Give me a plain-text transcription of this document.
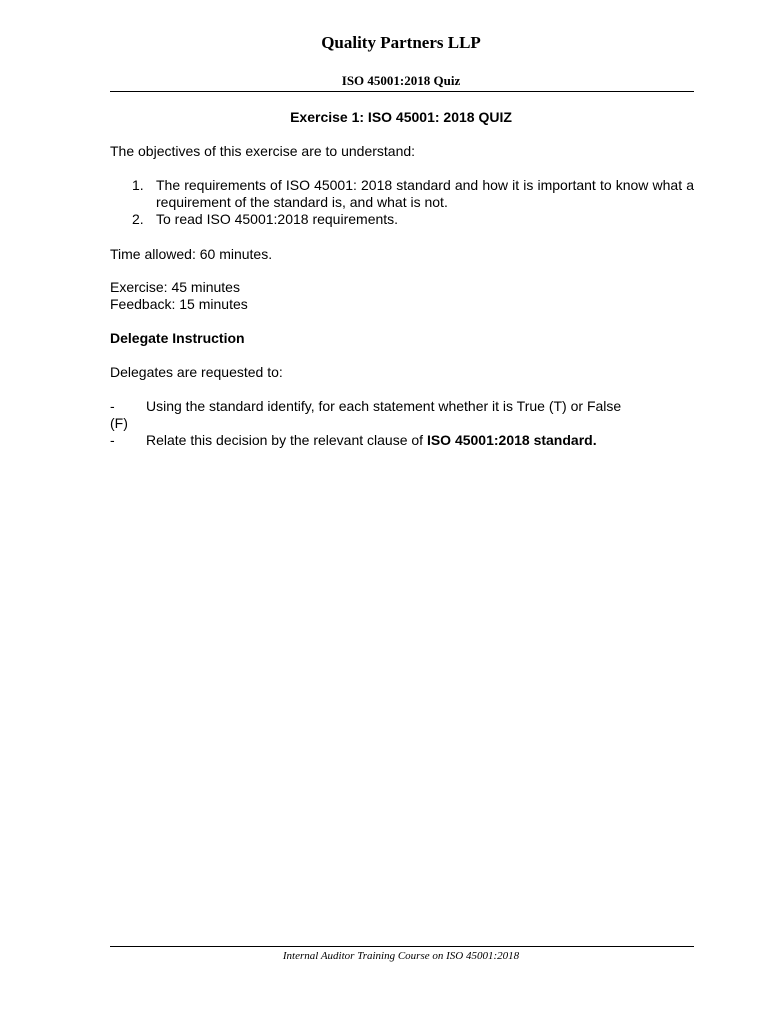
Quality Partners LLP
ISO 45001:2018 Quiz
Exercise 1: ISO 45001: 2018 QUIZ
The objectives of this exercise are to understand:
1. The requirements of ISO 45001: 2018 standard and how it is important to know what a requirement of the standard is, and what is not.
2. To read ISO 45001:2018 requirements.
Time allowed: 60 minutes.
Exercise: 45 minutes
Feedback: 15 minutes
Delegate Instruction
Delegates are requested to:
- Using the standard identify, for each statement whether it is True (T) or False
(F)
- Relate this decision by the relevant clause of ISO 45001:2018 standard.
Internal Auditor Training Course on ISO 45001:2018
